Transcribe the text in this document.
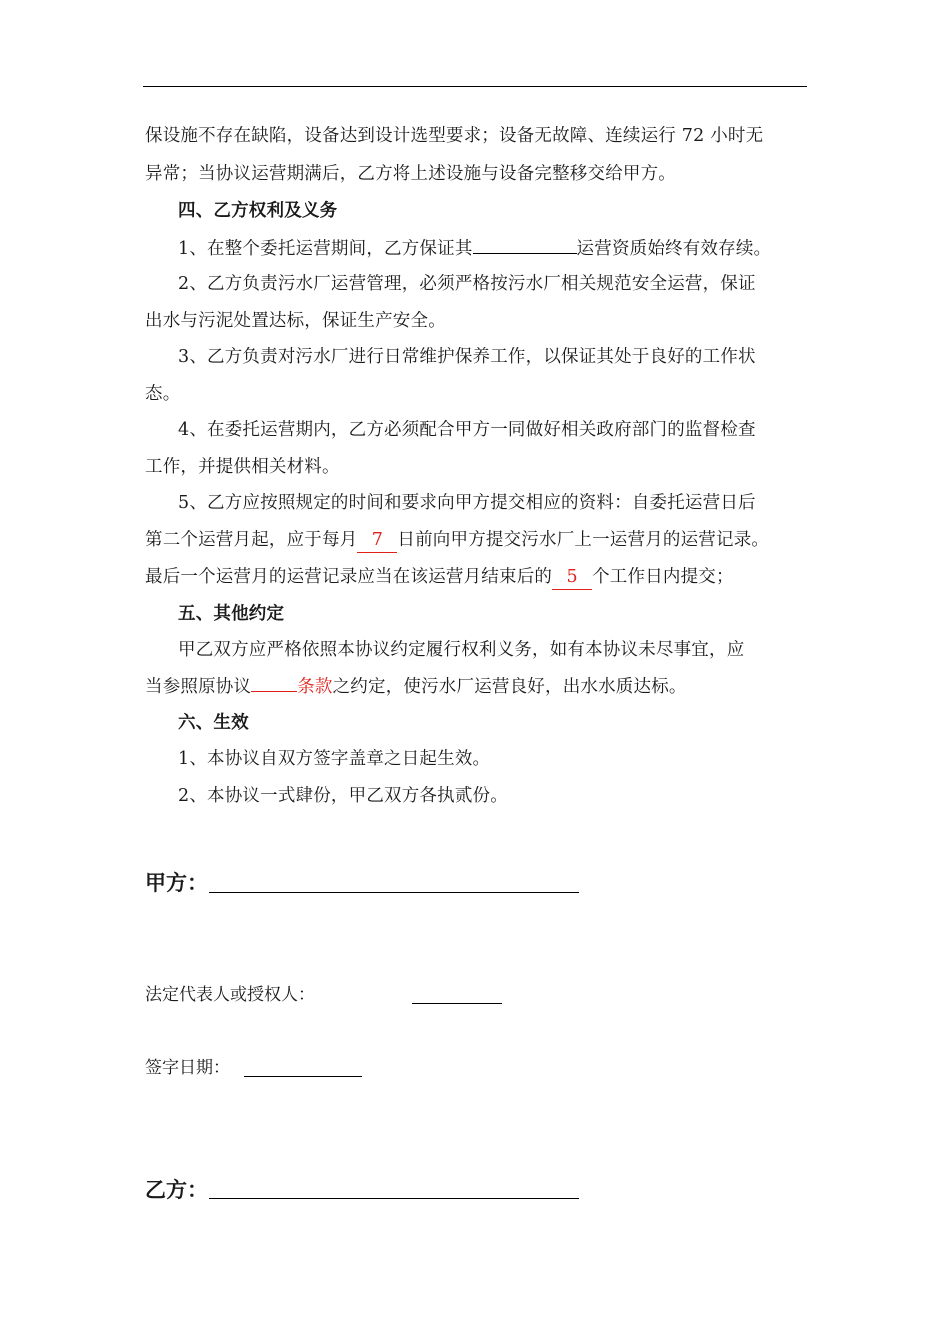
保设施不存在缺陷，设备达到设计选型要求；设备无故障、连续运行 72 小时无
异常；当协议运营期满后，乙方将上述设施与设备完整移交给甲方。
四、乙方权利及义务
1、在整个委托运营期间，乙方保证其	运营资质始终有效存续。
2、乙方负责污水厂运营管理，必须严格按污水厂相关规范安全运营，保证
出水与污泥处置达标，保证生产安全。
3、乙方负责对污水厂进行日常维护保养工作，以保证其处于良好的工作状
态。
4、在委托运营期内，乙方必须配合甲方一同做好相关政府部门的监督检查
工作，并提供相关材料。
5、乙方应按照规定的时间和要求向甲方提交相应的资料：自委托运营日后
第二个运营月起，应于每月 7 日前向甲方提交污水厂上一运营月的运营记录。
最后一个运营月的运营记录应当在该运营月结束后的 5 个工作日内提交；
五、其他约定
甲乙双方应严格依照本协议约定履行权利义务，如有本协议未尽事宜，应
当参照原协议	条款之约定，使污水厂运营良好，出水水质达标。
六、生效
1、本协议自双方签字盖章之日起生效。
2、本协议一式肆份，甲乙双方各执贰份。
甲方：
法定代表人或授权人：
签字日期：
乙方：
